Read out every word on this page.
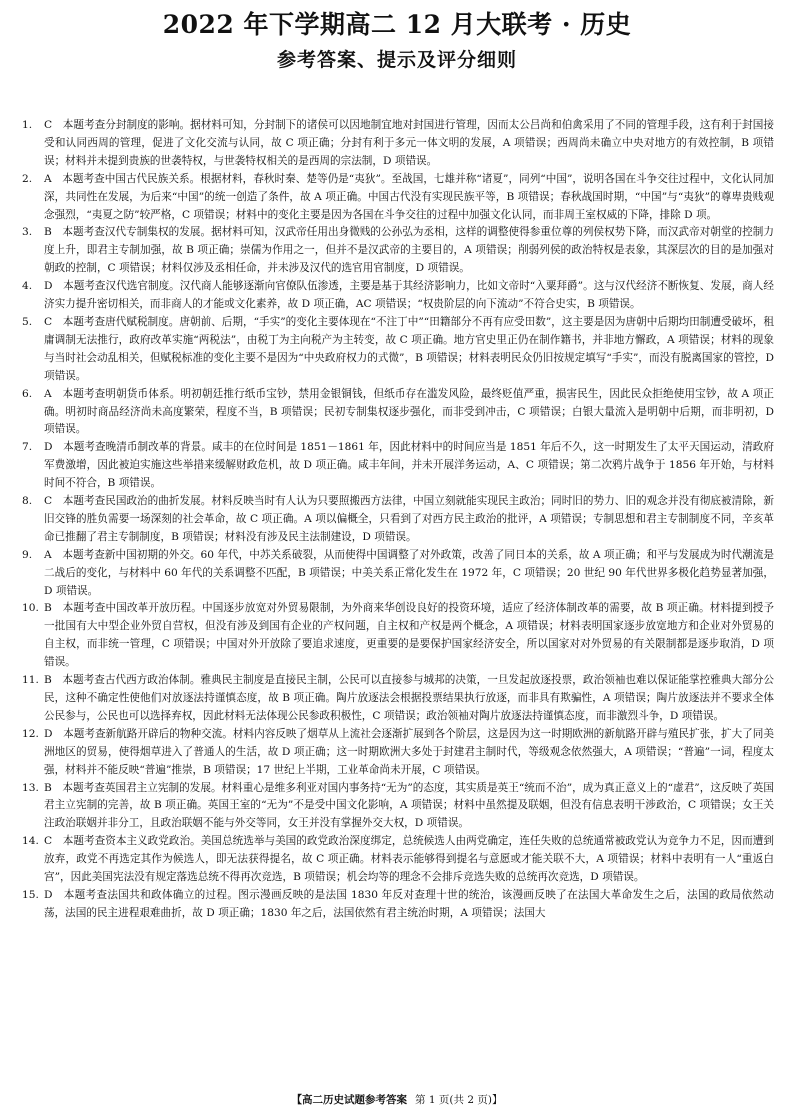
2022 年下学期高二 12 月大联考 · 历史
参考答案、提示及评分细则

1. C　本题考查分封制度的影响。据材料可知，分封制下的诸侯可以因地制宜地对封国进行管理，因而太公吕尚和伯禽采用了不同的管理手段，这有利于封国接受和认同西周的管理，促进了文化交流与认同，故 C 项正确；分封有利于多元一体文明的发展，A 项错误；西周尚未确立中央对地方的有效控制，B 项错误；材料并未提到贵族的世袭特权，与世袭特权相关的是西周的宗法制，D 项错误。

2. A　本题考查中国古代民族关系。根据材料，春秋时秦、楚等仍是“夷狄”。至战国，七雄并称“诸夏”，同列“中国”，说明各国在斗争交往过程中，文化认同加深，共同性在发展，为后来“中国”的统一创造了条件，故 A 项正确。中国古代没有实现民族平等，B 项错误；春秋战国时期，“中国”与“夷狄”的尊卑贵贱观念强烈，“夷夏之防”较严格，C 项错误；材料中的变化主要是因为各国在斗争交往的过程中加强文化认同，而非周王室权威的下降，排除 D 项。

3. B　本题考查汉代专制集权的发展。据材料可知，汉武帝任用出身微贱的公孙弘为丞相，这样的调整使得参重位尊的列侯权势下降，而汉武帝对朝堂的控制力度上升，即君主专制加强，故 B 项正确；崇儒为作用之一，但并不是汉武帝的主要目的，A 项错误；削弱列侯的政治特权是表象，其深层次的目的是加强对朝政的控制，C 项错误；材料仅涉及丞相任命，并未涉及汉代的选官用官制度，D 项错误。

4. D　本题考查汉代选官制度。汉代商人能够逐渐向官僚队伍渗透，主要是基于其经济影响力，比如文帝时“入粟拜爵”。这与汉代经济不断恢复、发展，商人经济实力提升密切相关，而非商人的才能或文化素养，故 D 项正确，AC 项错误；“权贵阶层的向下流动”不符合史实，B 项错误。

5. C　本题考查唐代赋税制度。唐朝前、后期，“手实”的变化主要体现在“不注丁中”“田籍部分不再有应受田数”，这主要是因为唐朝中后期均田制遭受破坏，租庸调制无法推行，政府改革实施“两税法”，由税丁为主向税产为主转变，故 C 项正确。地方官史里正仍在制作籍书，并非地方懈政，A 项错误；材料的现象与当时社会动乱相关，但赋税标准的变化主要不是因为“中央政府权力的式微”，B 项错误；材料表明民众仍旧按规定填写“手实”，而没有脱离国家的管控，D 项错误。

6. A　本题考查明朝货币体系。明初朝廷推行纸币宝钞，禁用金银铜钱，但纸币存在滥发风险，最终贬值严重，损害民生，因此民众拒绝使用宝钞，故 A 项正确。明初时商品经济尚未高度繁荣，程度不当，B 项错误；民初专制集权逐步强化，而非受到冲击，C 项错误；白银大量流入是明朝中后期，而非明初，D 项错误。

7. D　本题考查晚清币制改革的背景。咸丰的在位时间是 1851－1861 年，因此材料中的时间应当是 1851 年后不久，这一时期发生了太平天国运动，清政府军费激增，因此被迫实施这些举措来缓解财政危机，故 D 项正确。咸丰年间，并未开展洋务运动，A、C 项错误；第二次鸦片战争于 1856 年开始，与材料时间不符合，B 项错误。

8. C　本题考查民国政治的曲折发展。材料反映当时有人认为只要照搬西方法律，中国立刻就能实现民主政治；同时旧的势力、旧的观念并没有彻底被清除，新旧交锋的胜负需要一场深刻的社会革命，故 C 项正确。A 项以偏概全，只看到了对西方民主政治的批评，A 项错误；专制思想和君主专制制度不同，辛亥革命已推翻了君主专制制度，B 项错误；材料没有涉及民主法制建设，D 项错误。

9. A　本题考查新中国初期的外交。60 年代，中苏关系破裂，从而使得中国调整了对外政策，改善了同日本的关系，故 A 项正确；和平与发展成为时代潮流是二战后的变化，与材料中 60 年代的关系调整不匹配，B 项错误；中美关系正常化发生在 1972 年，C 项错误；20 世纪 90 年代世界多极化趋势显著加强，D 项错误。

10. B　本题考查中国改革开放历程。中国逐步放宽对外贸易限制，为外商来华创设良好的投资环境，适应了经济体制改革的需要，故 B 项正确。材料提到授予一批国有大中型企业外贸自营权，但没有涉及到国有企业的产权问题，自主权和产权是两个概念，A 项错误；材料表明国家逐步放宽地方和企业对外贸易的自主权，而非统一管理，C 项错误；中国对外开放除了要追求速度，更重要的是要保护国家经济安全，所以国家对对外贸易的有关限制都是逐步取消，D 项错误。

11. B　本题考查古代西方政治体制。雅典民主制度是直接民主制，公民可以直接参与城邦的决策，一旦发起放逐投票，政治领袖也难以保证能掌控雅典大部分公民，这种不确定性使他们对放逐法持谨慎态度，故 B 项正确。陶片放逐法会根据投票结果执行放逐，而非具有欺骗性，A 项错误；陶片放逐法并不要求全体公民参与，公民也可以选择弃权，因此材料无法体现公民参政积极性，C 项错误；政治领袖对陶片放逐法持谨慎态度，而非激烈斗争，D 项错误。

12. D　本题考查新航路开辟后的物种交流。材料内容反映了烟草从上流社会逐渐扩展到各个阶层，这是因为这一时期欧洲的新航路开辟与殖民扩张，扩大了同美洲地区的贸易，使得烟草进入了普通人的生活，故 D 项正确；这一时期欧洲大多处于封建君主制时代，等级观念依然强大，A 项错误；“普遍”一词，程度太强，材料并不能反映“普遍”推崇，B 项错误；17 世纪上半期，工业革命尚未开展，C 项错误。

13. B　本题考查英国君主立宪制的发展。材料重心是维多利亚对国内事务持“无为”的态度，其实质是英王“统而不治”，成为真正意义上的“虚君”，这反映了英国君主立宪制的完善，故 B 项正确。英国王室的“无为”不是受中国文化影响，A 项错误；材料中虽然提及联姻，但没有信息表明干涉政治，C 项错误；女王关注政治联姻并非分工，且政治联姻不能与外交等同，女王并没有掌握外交大权，D 项错误。

14. C　本题考查资本主义政党政治。美国总统选举与美国的政党政治深度绑定，总统候选人由两党确定，连任失败的总统通常被政党认为竞争力不足，因而遭到放弃，政党不再选定其作为候选人，即无法获得提名，故 C 项正确。材料表示能够得到提名与意愿或才能关联不大，A 项错误；材料中表明有一人“重返白宫”，因此美国宪法没有规定落选总统不得再次竞选，B 项错误；机会均等的理念不会排斥竞选失败的总统再次竞选，D 项错误。

15. D　本题考查法国共和政体确立的过程。图示漫画反映的是法国 1830 年反对查理十世的统治，该漫画反映了在法国大革命发生之后，法国的政局依然动荡，法国的民主进程艰难曲折，故 D 项正确；1830 年之后，法国依然有君主统治时期，A 项错误；法国大

【高二历史试题参考答案 第 1 页(共 2 页)】
